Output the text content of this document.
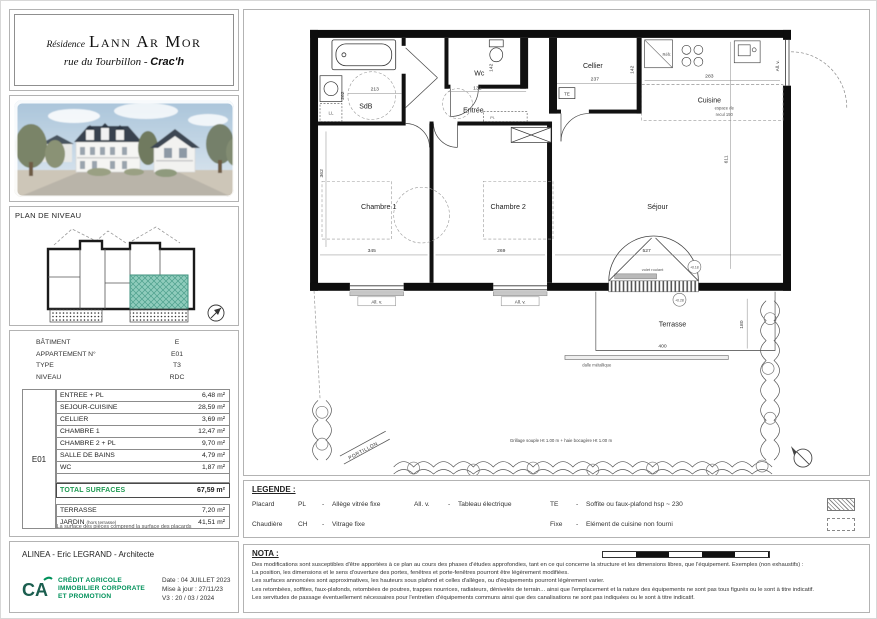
Résidence Lann Ar Mor
rue du Tourbillon - Crac'h
PLAN DE NIVEAU
BÂTIMENT	E
APPARTEMENT N°	E01
TYPE	T3
NIVEAU	RDC
E01
ENTREE + PL	6,48 m²
SEJOUR-CUISINE	28,59 m²
CELLIER	3,69 m²
CHAMBRE 1	12,47 m²
CHAMBRE 2 + PL	9,70 m²
SALLE DE BAINS	4,79 m²
WC	1,87 m²
TOTAL SURFACES	67,59 m²
TERRASSE	7,20 m²
JARDIN (hors terrasse)	41,51 m²
La surface des pièces comprend la surface des placards
ALINEA - Eric LEGRAND - Architecte
CA CRÉDIT AGRICOLE
IMMOBILIER CORPORATE
ET PROMOTION
Date : 04 JUILLET 2023
Mise à jour : 27/11/23
V3 : 20 / 03 / 2024
All. v.	All. v.
All. v.
volet roulant	+0.18
+0.28
LL
TE
Réfr.
espace de
recul 150
Pl.
SdB
Wc
Entrée
Cellier
Cuisine
Chambre 1	Chambre 2	Séjour
Terrasse
213
262
132
142
237
142
283
611
345
362
269	527
400
180
dalle métallique
Grillage souple Ht 1.00 m + haie bocagère Ht 1.00 m
PORTILLON
LEGENDE :
Placard	PL	-	Allège vitrée fixe	All. v.	-	Tableau électrique	TE	-	Soffite ou faux-plafond hsp ~ 230
Chaudière	CH	-	Vitrage fixe	Fixe	-	Elément de cuisine non fourni
NOTA :
Des modifications sont susceptibles d'être apportées à ce plan au cours des phases d'études approfondies, tant en ce qui concerne la structure et les dimensions libres, que l'équipement. Exemples (non exhaustifs) :
La position, les dimensions et le sens d'ouverture des portes, fenêtres et porte-fenêtres pourront être légèrement modifiées.
Les surfaces annoncées sont approximatives, les hauteurs sous plafond et celles d'allèges, ou d'équipements pourront légèrement varier.
Les retombées, soffites, faux-plafonds, retombées de poutres, trappes nourrices, radiateurs, dénivelés de terrain... ainsi que l'emplacement et la nature des équipements ne sont pas tous figurés ou le sont à titre indicatif.
Les servitudes de passage éventuellement nécessaires pour l'entretien d'équipements communs ainsi que des canalisations ne sont pas indiquées ou le sont à titre indicatif.
